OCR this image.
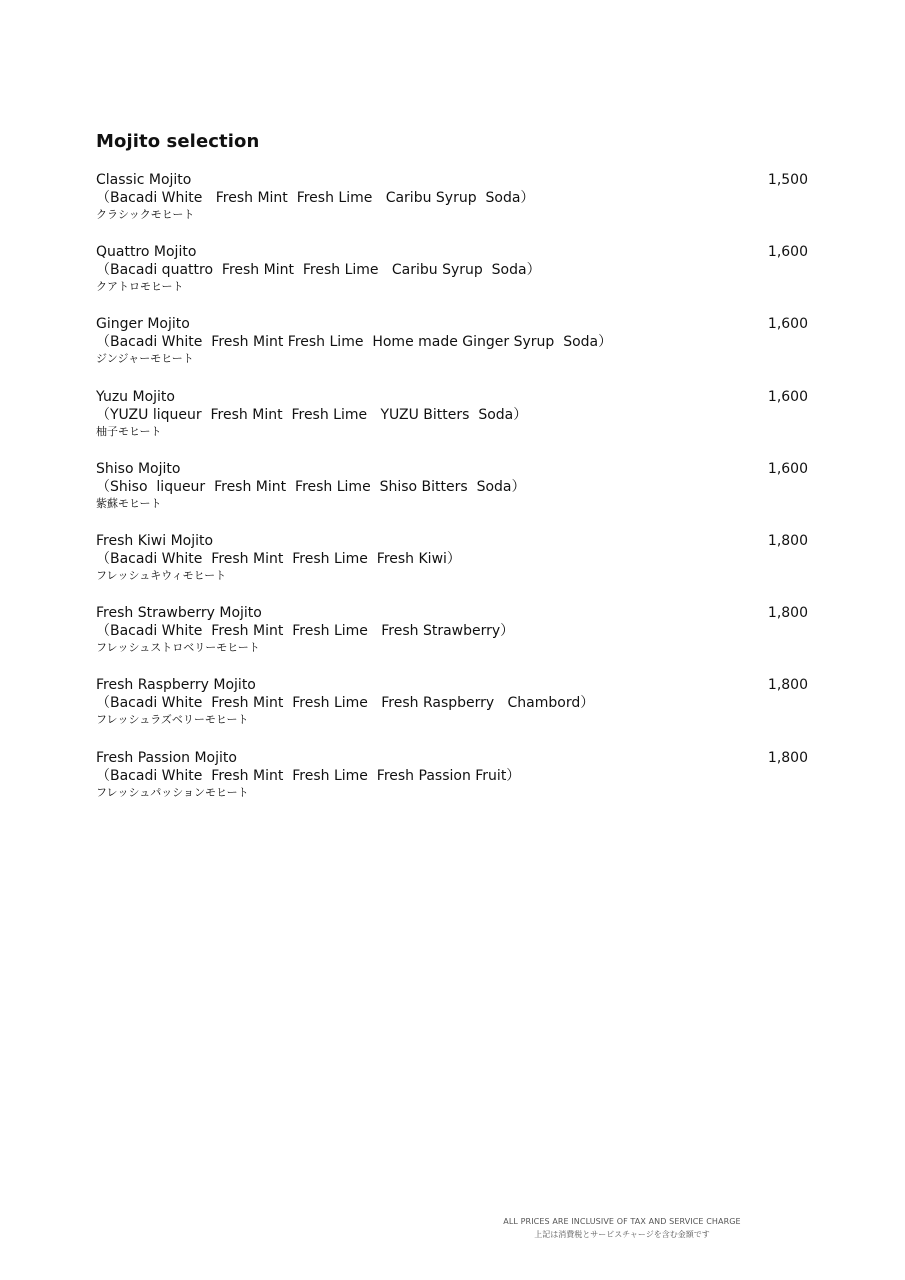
Mojito selection
Classic Mojito
（Bacadi White   Fresh Mint  Fresh Lime   Caribu Syrup  Soda）
クラシックモヒート
1,500
Quattro Mojito
（Bacadi quattro  Fresh Mint  Fresh Lime   Caribu Syrup  Soda）
クアトロモヒート
1,600
Ginger Mojito
（Bacadi White  Fresh Mint Fresh Lime  Home made Ginger Syrup  Soda）
ジンジャーモヒート
1,600
Yuzu Mojito
（YUZU liqueur  Fresh Mint  Fresh Lime   YUZU Bitters  Soda）
柚子モヒート
1,600
Shiso Mojito
（Shiso  liqueur  Fresh Mint  Fresh Lime  Shiso Bitters  Soda）
紫蘇モヒート
1,600
Fresh Kiwi Mojito
（Bacadi White  Fresh Mint  Fresh Lime  Fresh Kiwi）
フレッシュキウィモヒート
1,800
Fresh Strawberry Mojito
（Bacadi White  Fresh Mint  Fresh Lime   Fresh Strawberry）
フレッシュストロベリーモヒート
1,800
Fresh Raspberry Mojito
（Bacadi White  Fresh Mint  Fresh Lime   Fresh Raspberry   Chambord）
フレッシュラズベリーモヒート
1,800
Fresh Passion Mojito
（Bacadi White  Fresh Mint  Fresh Lime  Fresh Passion Fruit）
フレッシュパッションモヒート
1,800
ALL PRICES ARE INCLUSIVE OF TAX AND SERVICE CHARGE
上記は消費税とサービスチャージを含む金額です
